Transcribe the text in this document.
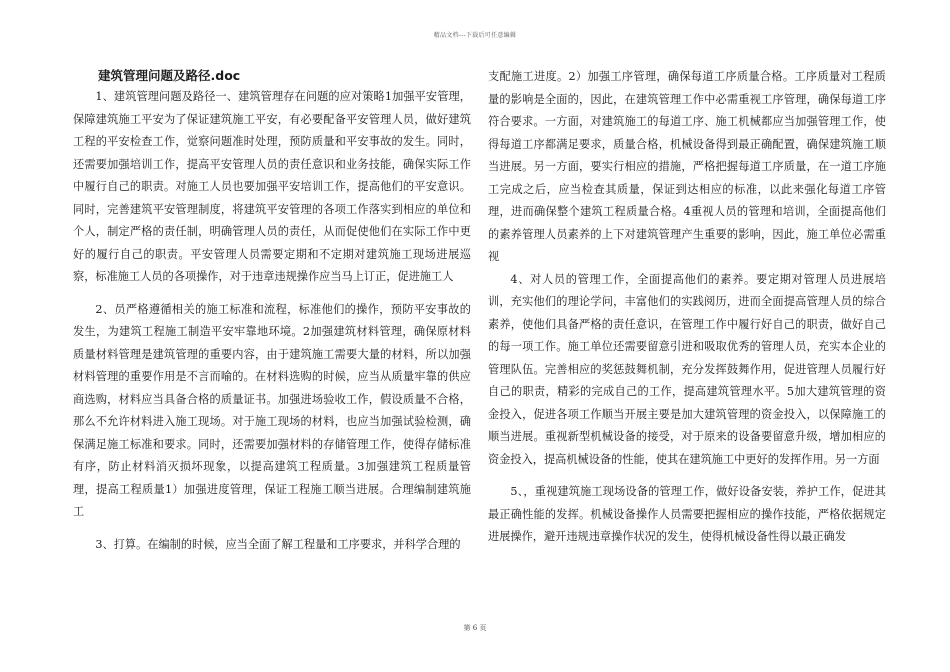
精品文档---下载后可任意编辑

建筑管理问题及路径.doc

1、建筑管理问题及路径一、建筑管理存在问题的应对策略1加强平安管理，保障建筑施工平安为了保证建筑施工平安，有必要配备平安管理人员，做好建筑工程的平安检查工作，觉察问题准时处理，预防质量和平安事故的发生。同时，还需要加强培训工作，提高平安管理人员的责任意识和业务技能，确保实际工作中履行自己的职责。对施工人员也要加强平安培训工作，提高他们的平安意识。同时，完善建筑平安管理制度，将建筑平安管理的各项工作落实到相应的单位和个人，制定严格的责任制，明确管理人员的责任，从而促使他们在实际工作中更好的履行自己的职责。平安管理人员需要定期和不定期对建筑施工现场进展巡察，标准施工人员的各项操作，对于违章违规操作应当马上订正，促进施工人

2、员严格遵循相关的施工标准和流程，标准他们的操作，预防平安事故的发生，为建筑工程施工制造平安牢靠地环境。2加强建筑材料管理，确保原材料质量材料管理是建筑管理的重要内容，由于建筑施工需要大量的材料，所以加强材料管理的重要作用是不言而喻的。在材料选购的时候，应当从质量牢靠的供应商选购，材料应当具备合格的质量证书。加强进场验收工作，假设质量不合格，那么不允许材料进入施工现场。对于施工现场的材料，也应当加强试验检测，确保满足施工标准和要求。同时，还需要加强材料的存储管理工作，使得存储标准有序，防止材料消灭损坏现象，以提高建筑工程质量。3加强建筑工程质量管理，提高工程质量1）加强进度管理，保证工程施工顺当进展。合理编制建筑施工

3、打算。在编制的时候，应当全面了解工程量和工序要求，并科学合理的

支配施工进度。2）加强工序管理，确保每道工序质量合格。工序质量对工程质量的影响是全面的，因此，在建筑管理工作中必需重视工序管理，确保每道工序符合要求。一方面，对建筑施工的每道工序、施工机械都应当加强管理工作，使得每道工序都满足要求，质量合格，机械设备得到最正确配置，确保建筑施工顺当进展。另一方面，要实行相应的措施，严格把握每道工序质量，在一道工序施工完成之后，应当检查其质量，保证到达相应的标准，以此来强化每道工序管理，进而确保整个建筑工程质量合格。4重视人员的管理和培训，全面提高他们的素养管理人员素养的上下对建筑管理产生重要的影响，因此，施工单位必需重视

4、对人员的管理工作，全面提高他们的素养。要定期对管理人员进展培训，充实他们的理论学问，丰富他们的实践阅历，进而全面提高管理人员的综合素养，使他们具备严格的责任意识，在管理工作中履行好自己的职责，做好自己的每一项工作。施工单位还需要留意引进和吸取优秀的管理人员，充实本企业的管理队伍。完善相应的奖惩鼓舞机制，充分发挥鼓舞作用，促进管理人员履行好自己的职责，精彩的完成自己的工作，提高建筑管理水平。5加大建筑管理的资金投入，促进各项工作顺当开展主要是加大建筑管理的资金投入，以保障施工的顺当进展。重视新型机械设备的接受，对于原来的设备要留意升级，增加相应的资金投入，提高机械设备的性能，使其在建筑施工中更好的发挥作用。另一方面

5、，重视建筑施工现场设备的管理工作，做好设备安装，养护工作，促进其最正确性能的发挥。机械设备操作人员需要把握相应的操作技能，严格依据规定进展操作，避开违规违章操作状况的发生，使得机械设备性得以最正确发

第 6 页
